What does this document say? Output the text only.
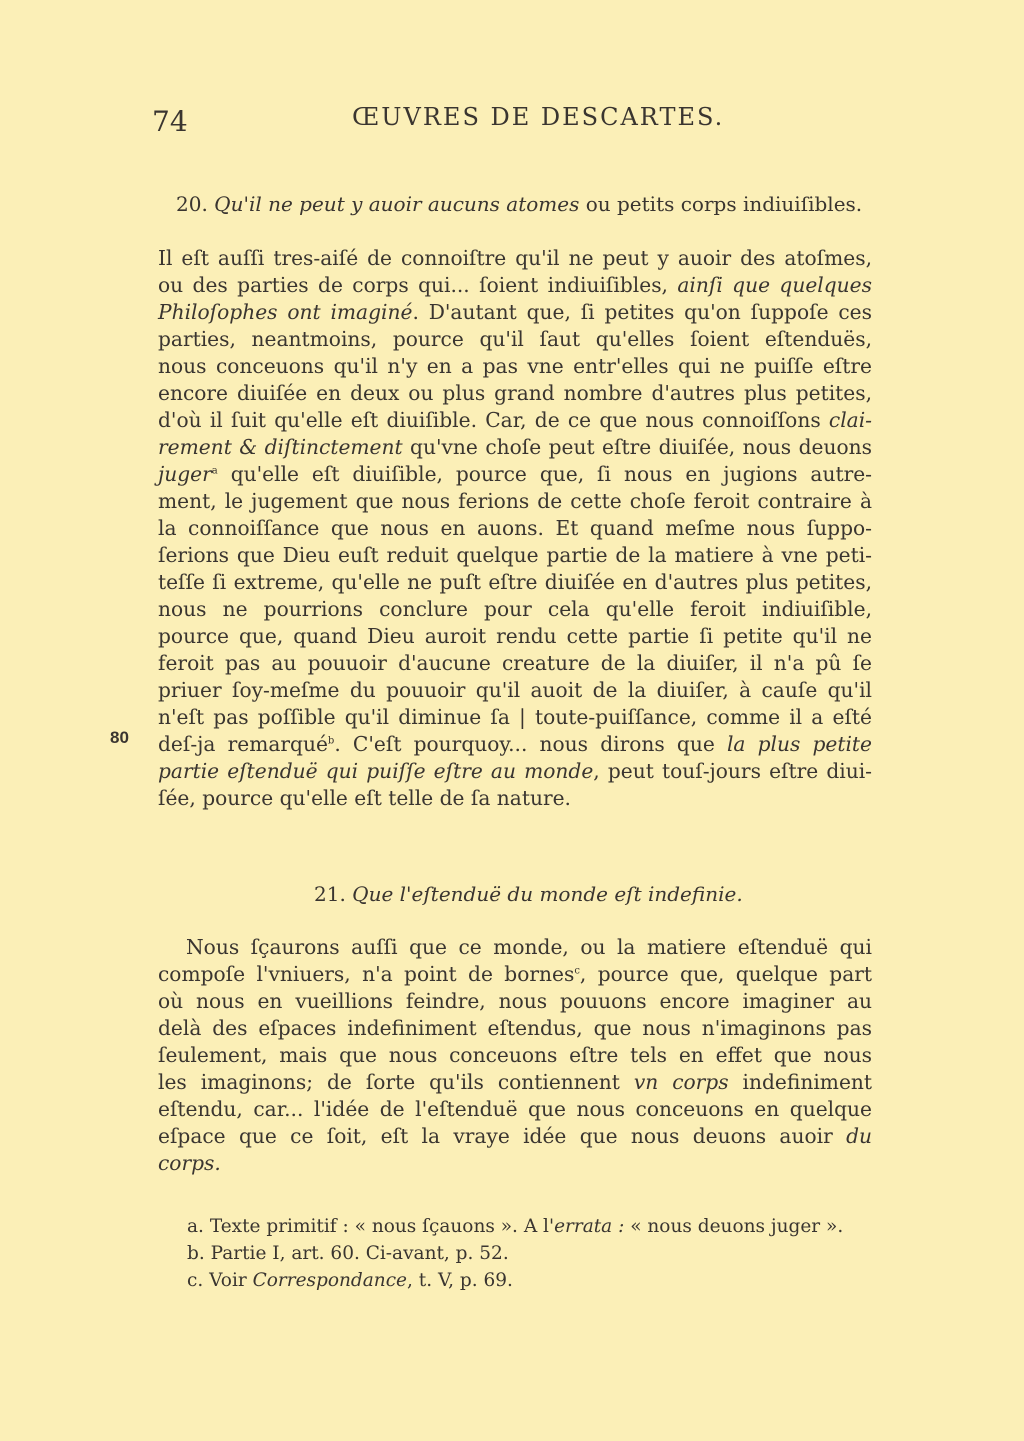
74	ŒUVRES DE DESCARTES.
20. Qu'il ne peut y auoir aucuns atomes ou petits corps indiuiſibles.
80
Il eſt auſſi tres-aiſé de connoiſtre qu'il ne peut y auoir des atoſmes,
ou des parties de corps qui... ſoient indiuiſibles, ainſi que quelques
Philoſophes ont imaginé. D'autant que, ſi petites qu'on ſuppoſe ces
parties, neantmoins, pource qu'il ſaut qu'elles ſoient eſtenduës,
nous conceuons qu'il n'y en a pas vne entr'elles qui ne puiſſe eſtre
encore diuiſée en deux ou plus grand nombre d'autres plus petites,
d'où il ſuit qu'elle eſt diuiſible. Car, de ce que nous connoiſſons clai-
rement & diſtinctement qu'vne choſe peut eſtre diuiſée, nous deuons
juger$^a$ qu'elle eſt diuiſible, pource que, ſi nous en jugions autre-
ment, le jugement que nous ferions de cette choſe feroit contraire à
la connoiſſance que nous en auons. Et quand meſme nous ſuppo-
ſerions que Dieu euſt reduit quelque partie de la matiere à vne peti-
teſſe ſi extreme, qu'elle ne puſt eſtre diuiſée en d'autres plus petites,
nous ne pourrions conclure pour cela qu'elle feroit indiuiſible,
pource que, quand Dieu auroit rendu cette partie ſi petite qu'il ne
feroit pas au pouuoir d'aucune creature de la diuiſer, il n'a pû ſe
priuer ſoy-meſme du pouuoir qu'il auoit de la diuiſer, à cauſe qu'il
n'eſt pas poſſible qu'il diminue ſa | toute-puiſſance, comme il a eſté
deſ-ja remarqué$^b$. C'eſt pourquoy... nous dirons que la plus petite
partie eſtenduë qui puiſſe eſtre au monde, peut touſ-jours eſtre diui-
ſée, pource qu'elle eſt telle de ſa nature.
21. Que l'eſtenduë du monde eſt indefinie.
Nous ſçaurons auſſi que ce monde, ou la matiere eſtenduë qui
compoſe l'vniuers, n'a point de bornes$^c$, pource que, quelque part
où nous en vueillions feindre, nous pouuons encore imaginer au
delà des eſpaces indefiniment eſtendus, que nous n'imaginons pas
ſeulement, mais que nous conceuons eſtre tels en effet que nous
les imaginons; de ſorte qu'ils contiennent vn corps indefiniment
eſtendu, car... l'idée de l'eſtenduë que nous conceuons en quelque
eſpace que ce ſoit, eſt la vraye idée que nous deuons auoir du
corps.
a. Texte primitif : « nous ſçauons ». A l'errata : « nous deuons juger ».
b. Partie I, art. 60. Ci-avant, p. 52.
c. Voir Correspondance, t. V, p. 69.
